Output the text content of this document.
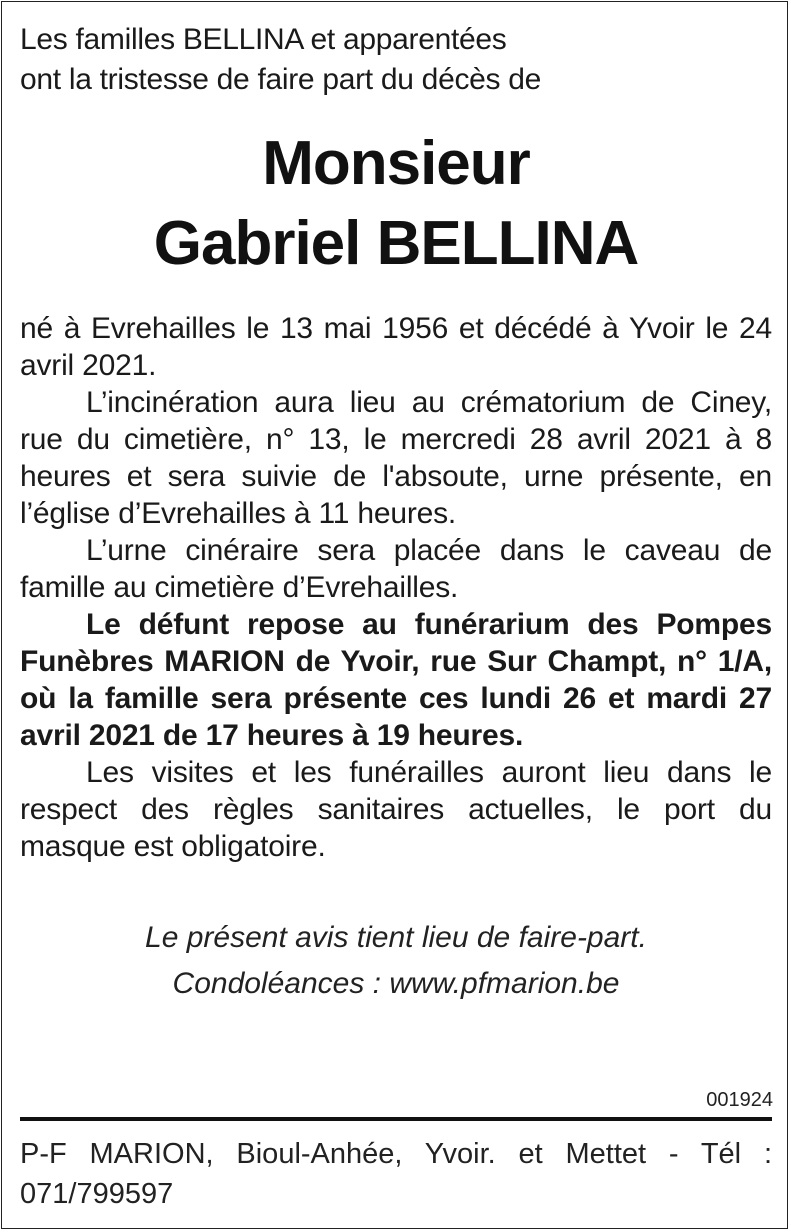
Les familles BELLINA et apparentées
ont la tristesse de faire part du décès de
Monsieur
Gabriel BELLINA
né à Evrehailles le 13 mai 1956 et décédé à Yvoir le 24 avril 2021.
L’incinération aura lieu au crématorium de Ciney, rue du cimetière, n° 13, le mercredi 28 avril 2021 à 8 heures et sera suivie de l'absoute, urne présente, en l’église d’Evrehailles à 11 heures.
L’urne cinéraire sera placée dans le caveau de famille au cimetière d’Evrehailles.
Le défunt repose au funérarium des Pompes Funèbres MARION de Yvoir, rue Sur Champt, n° 1/A, où la famille sera présente ces lundi 26 et mardi 27 avril 2021 de 17 heures à 19 heures.
Les visites et les funérailles auront lieu dans le respect des règles sanitaires actuelles, le port du masque est obligatoire.
Le présent avis tient lieu de faire-part.
Condoléances : www.pfmarion.be
001924
P-F MARION, Bioul-Anhée, Yvoir. et Mettet - Tél : 071/799597
